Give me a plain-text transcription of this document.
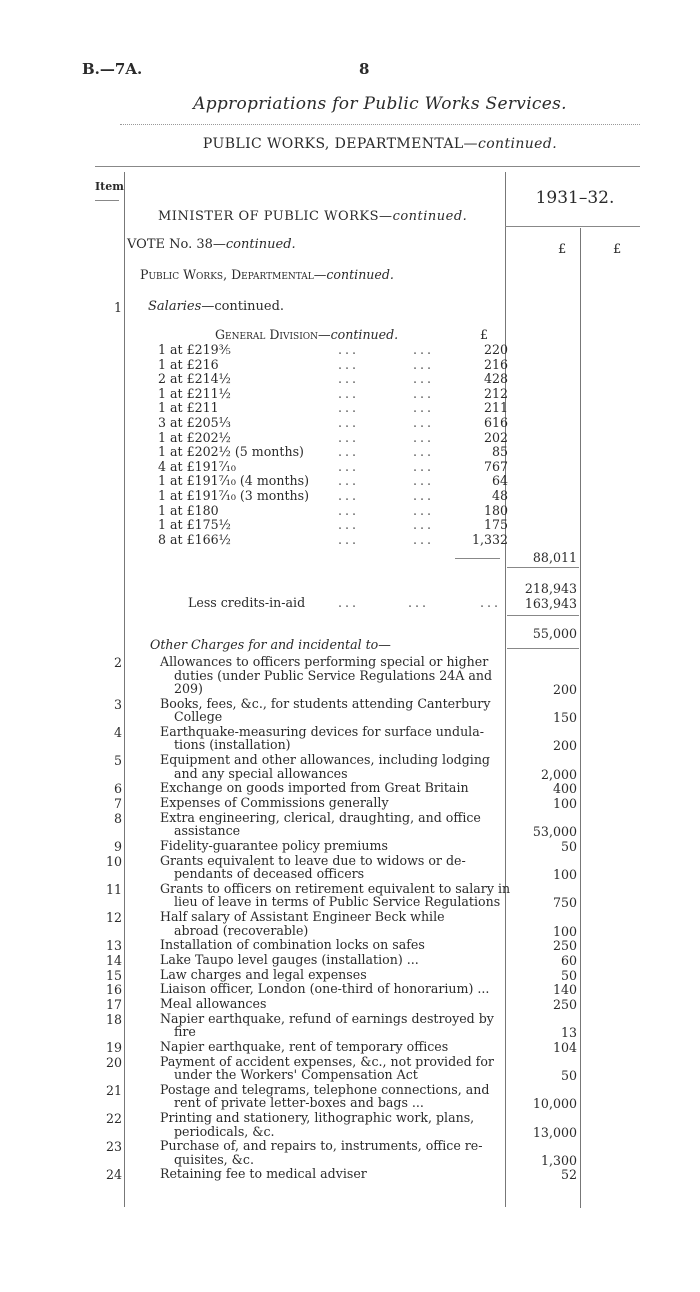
B.—7A.	8
Appropriations for Public Works Services.
PUBLIC WORKS, DEPARTMENTAL—continued.
Item
1931–32.
£	£
MINISTER OF PUBLIC WORKS—continued.
VOTE No. 38—continued.
Public Works, Departmental—continued.
1 Salaries—continued.
General Division—continued.	£
1 at £219⅗	...	...	220
1 at £216	...	...	216
2 at £214½	...	...	428
1 at £211½	...	...	212
1 at £211	...	...	211
3 at £205⅓	...	...	616
1 at £202½	...	...	202
1 at £202½ (5 months)	...	...	85
4 at £191⁷⁄₁₀	...	...	767
1 at £191⁷⁄₁₀ (4 months) ...	...	64
1 at £191⁷⁄₁₀ (3 months) ...	...	48
1 at £180	...	...	180
1 at £175½	...	...	175
8 at £166½	...	...	1,332
88,011
218,943
Less credits-in-aid	...	...	...	163,943
55,000
Other Charges for and incidental to—
2	Allowances to officers performing special or higher
duties (under Public Service Regulations 24A and
209)	200
3	Books, fees, &c., for students attending Canterbury
College	150
4	Earthquake-measuring devices for surface undula-
tions (installation)	200
5	Equipment and other allowances, including lodging
and any special allowances	2,000
6	Exchange on goods imported from Great Britain	400
7	Expenses of Commissions generally	100
8	Extra engineering, clerical, draughting, and office
assistance	53,000
9	Fidelity-guarantee policy premiums	50
10	Grants equivalent to leave due to widows or de-
pendants of deceased officers	100
11	Grants to officers on retirement equivalent to salary in
lieu of leave in terms of Public Service Regulations	750
12	Half salary of Assistant Engineer Beck while
abroad (recoverable)	100
13	Installation of combination locks on safes	250
14	Lake Taupo level gauges (installation) ...	60
15	Law charges and legal expenses	50
16	Liaison officer, London (one-third of honorarium) ...	140
17	Meal allowances	250
18	Napier earthquake, refund of earnings destroyed by
fire	13
19	Napier earthquake, rent of temporary offices	104
20	Payment of accident expenses, &c., not provided for
under the Workers' Compensation Act	50
21	Postage and telegrams, telephone connections, and
rent of private letter-boxes and bags ...	10,000
22	Printing and stationery, lithographic work, plans,
periodicals, &c.	13,000
23	Purchase of, and repairs to, instruments, office re-
quisites, &c.	1,300
24	Retaining fee to medical adviser	52
